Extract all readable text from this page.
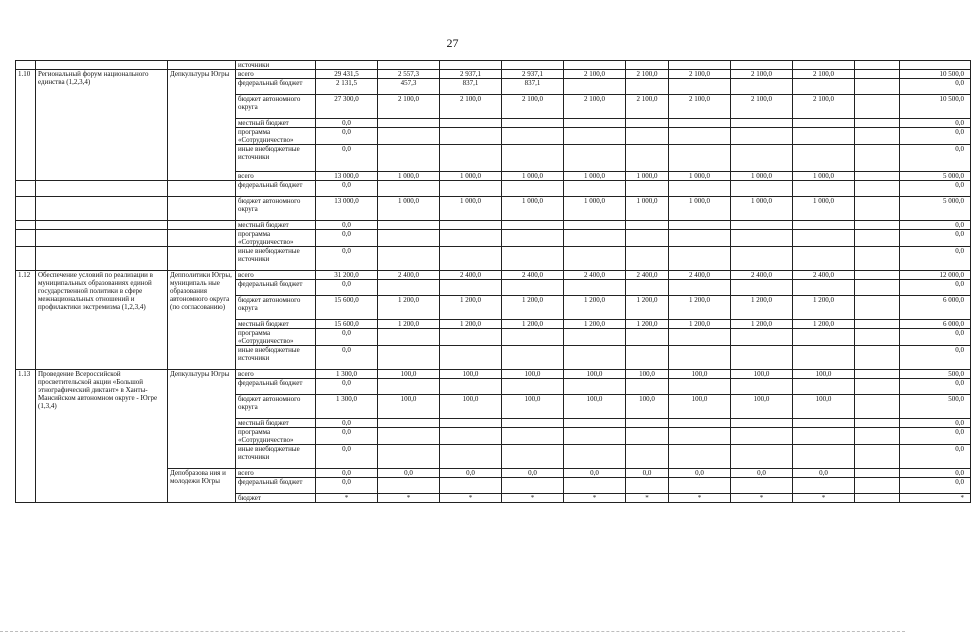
27
			источники											
1.10	Региональный форум национального единства (1,2,3,4)	Депкультуры Югры	всего	29 431,5	2 557,3	2 937,1	2 937,1	2 100,0	2 100,0	2 100,0	2 100,0	2 100,0		10 500,0
			федеральный бюджет	2 131,5	457,3	837,1	837,1							0,0
			бюджет автономного округа	27 300,0	2 100,0	2 100,0	2 100,0	2 100,0	2 100,0	2 100,0	2 100,0	2 100,0		10 500,0
			местный бюджет	0,0										0,0
			программа «Сотрудничество»	0,0										0,0
			иные внебюджетные источники	0,0										0,0
			всего	13 000,0	1 000,0	1 000,0	1 000,0	1 000,0	1 000,0	1 000,0	1 000,0	1 000,0		5 000,0
			федеральный бюджет	0,0										0,0
			бюджет автономного округа	13 000,0	1 000,0	1 000,0	1 000,0	1 000,0	1 000,0	1 000,0	1 000,0	1 000,0		5 000,0
			местный бюджет	0,0										0,0
			программа «Сотрудничество»	0,0										0,0
			иные внебюджетные источники	0,0										0,0
1.12	Обеспечение условий по реализации в муниципальных образованиях единой государственной политики в сфере межнациональных отношений и профилактики экстремизма (1,2,3,4)	Депполитики Югры, муниципаль ные образования автономного округа (по согласованию)	всего	31 200,0	2 400,0	2 400,0	2 400,0	2 400,0	2 400,0	2 400,0	2 400,0	2 400,0		12 000,0
			федеральный бюджет	0,0										0,0
			бюджет автономного округа	15 600,0	1 200,0	1 200,0	1 200,0	1 200,0	1 200,0	1 200,0	1 200,0	1 200,0		6 000,0
			местный бюджет	15 600,0	1 200,0	1 200,0	1 200,0	1 200,0	1 200,0	1 200,0	1 200,0	1 200,0		6 000,0
			программа «Сотрудничество»	0,0										0,0
			иные внебюджетные источники	0,0										0,0
1.13	Проведение Всероссийской просветительской акции «Большой этнографический диктант» в Ханты-Мансийском автономном округе - Югре (1,3,4)	Депкультуры Югры	всего	1 300,0	100,0	100,0	100,0	100,0	100,0	100,0	100,0	100,0		500,0
			федеральный бюджет	0,0										0,0
			бюджет автономного округа	1 300,0	100,0	100,0	100,0	100,0	100,0	100,0	100,0	100,0		500,0
			местный бюджет	0,0										0,0
			программа «Сотрудничество»	0,0										0,0
			иные внебюджетные источники	0,0										0,0
		Депобразова ния и молодежи Югры	всего	0,0	0,0	0,0	0,0	0,0	0,0	0,0	0,0	0,0		0,0
			федеральный бюджет	0,0										0,0
			бюджет	*	*	*	*	*	*	*	*	*		*
